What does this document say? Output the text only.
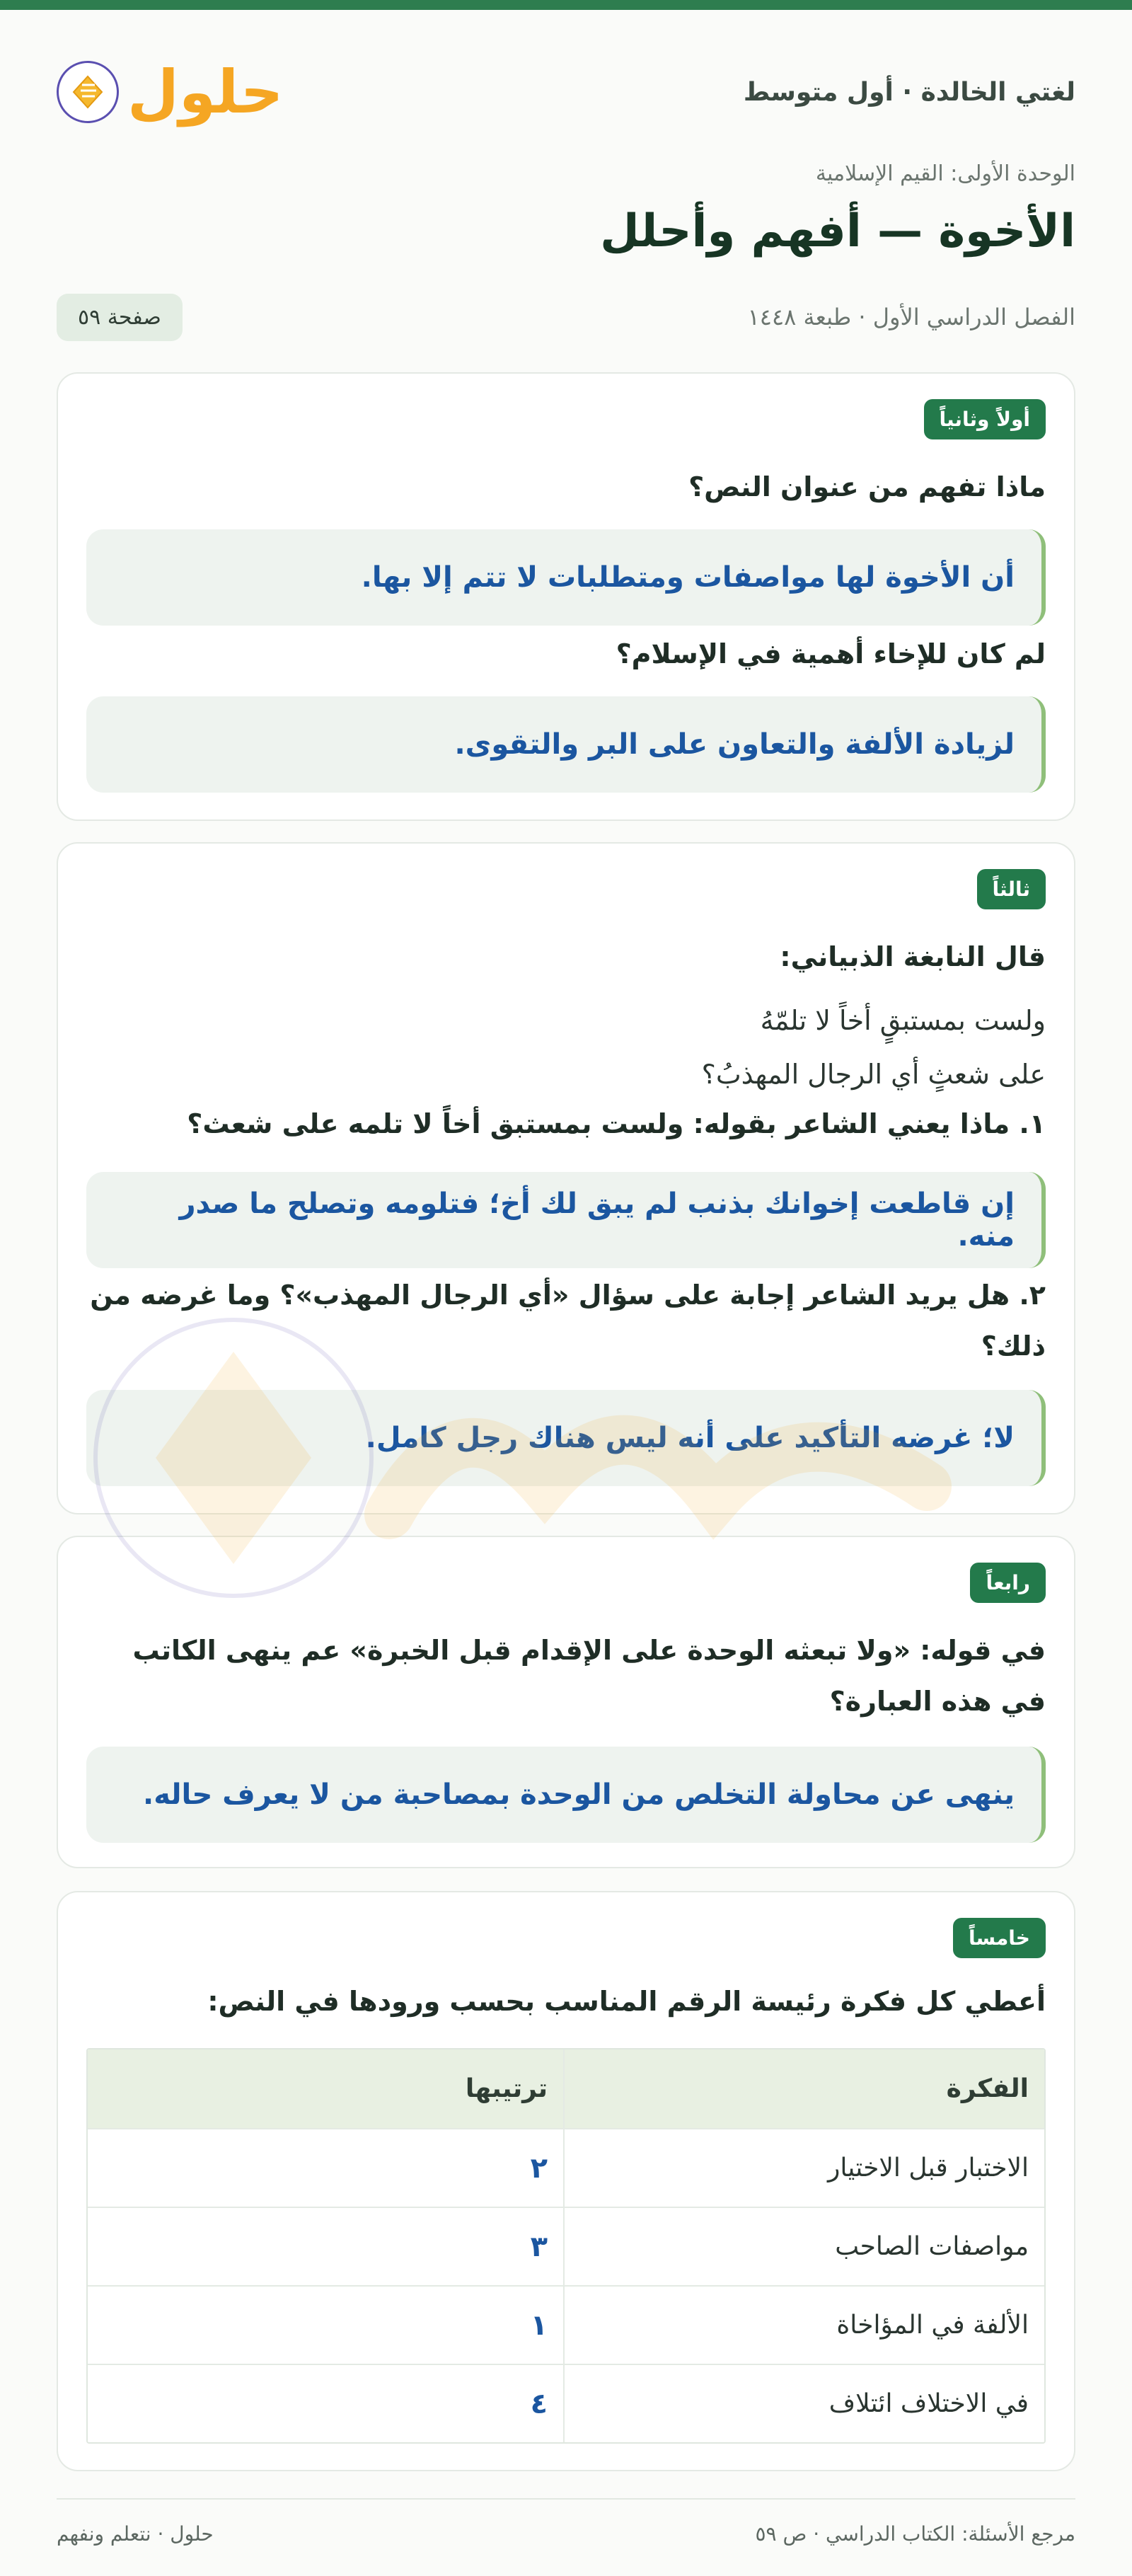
لغتي الخالدة · أول متوسط
حلول
الوحدة الأولى: القيم الإسلامية
الأخوة — أفهم وأحلل
الفصل الدراسي الأول · طبعة ١٤٤٨
صفحة ٥٩
أولاً وثانياً
ماذا تفهم من عنوان النص؟
أن الأخوة لها مواصفات ومتطلبات لا تتم إلا بها.
لم كان للإخاء أهمية في الإسلام؟
لزيادة الألفة والتعاون على البر والتقوى.
ثالثاً
قال النابغة الذبياني:
ولست بمستبقٍ أخاً لا تلمّهُ
على شعثٍ أي الرجال المهذبُ؟
١. ماذا يعني الشاعر بقوله: ولست بمستبق أخاً لا تلمه على شعث؟
إن قاطعت إخوانك بذنب لم يبق لك أخ؛ فتلومه وتصلح ما صدر منه.
٢. هل يريد الشاعر إجابة على سؤال «أي الرجال المهذب»؟ وما غرضه من ذلك؟
لا؛ غرضه التأكيد على أنه ليس هناك رجل كامل.
رابعاً
في قوله: «ولا تبعثه الوحدة على الإقدام قبل الخبرة» عم ينهى الكاتب في هذه العبارة؟
ينهى عن محاولة التخلص من الوحدة بمصاحبة من لا يعرف حاله.
خامساً
أعطي كل فكرة رئيسة الرقم المناسب بحسب ورودها في النص:
الفكرة
ترتيبها
الاختبار قبل الاختيار
٢
مواصفات الصاحب
٣
الألفة في المؤاخاة
١
في الاختلاف ائتلاف
٤
مرجع الأسئلة: الكتاب الدراسي · ص ٥٩
حلول · نتعلم ونفهم
